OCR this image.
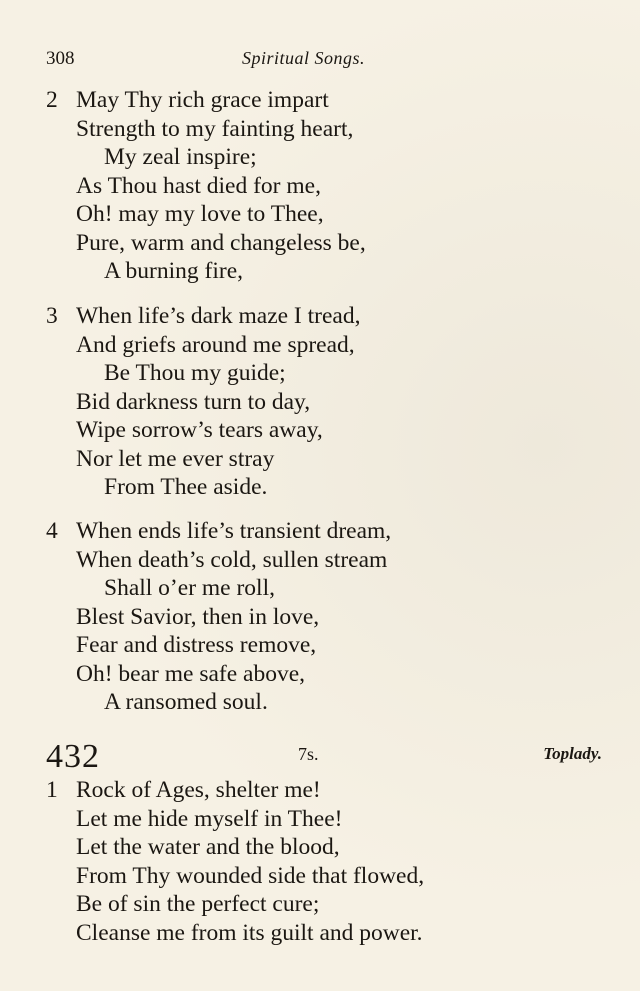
308	Spiritual Songs.
2 May Thy rich grace impart
Strength to my fainting heart,
My zeal inspire;
As Thou hast died for me,
Oh! may my love to Thee,
Pure, warm and changeless be,
A burning fire,
3 When life’s dark maze I tread,
And griefs around me spread,
Be Thou my guide;
Bid darkness turn to day,
Wipe sorrow’s tears away,
Nor let me ever stray
From Thee aside.
4 When ends life’s transient dream,
When death’s cold, sullen stream
Shall o’er me roll,
Blest Savior, then in love,
Fear and distress remove,
Oh! bear me safe above,
A ransomed soul.
432	7s.	Toplady.
1 Rock of Ages, shelter me!
Let me hide myself in Thee!
Let the water and the blood,
From Thy wounded side that flowed,
Be of sin the perfect cure;
Cleanse me from its guilt and power.
